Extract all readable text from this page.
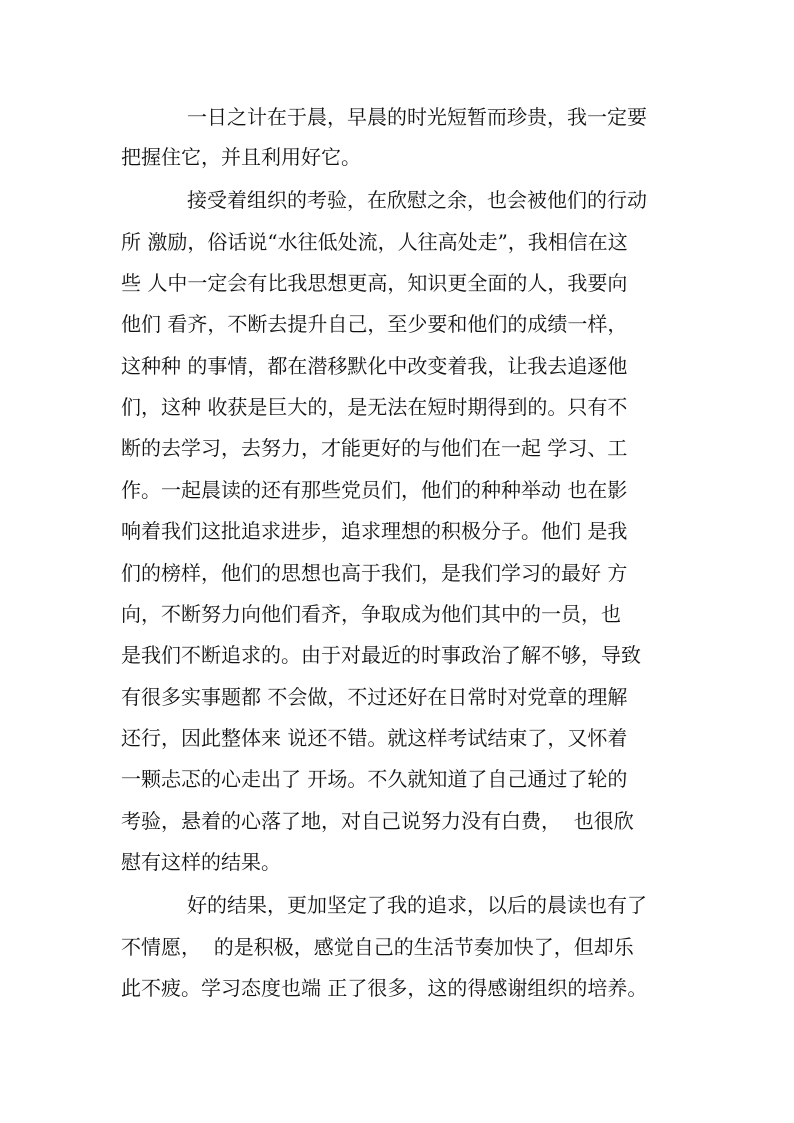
一日之计在于晨，早晨的时光短暂而珍贵，我一定要
把握住它，并且利用好它。
接受着组织的考验，在欣慰之余，也会被他们的行动
所 激励，俗话说“水往低处流，人往高处走”，我相信在这
些 人中一定会有比我思想更高，知识更全面的人，我要向
他们 看齐，不断去提升自己，至少要和他们的成绩一样，
这种种 的事情，都在潜移默化中改变着我，让我去追逐他
们，这种 收获是巨大的，是无法在短时期得到的。只有不
断的去学习，去努力，才能更好的与他们在一起 学习、工
作。一起晨读的还有那些党员们，他们的种种举动 也在影
响着我们这批追求进步，追求理想的积极分子。他们 是我
们的榜样，他们的思想也高于我们，是我们学习的最好 方
向，不断努力向他们看齐，争取成为他们其中的一员，也
是我们不断追求的。由于对最近的时事政治了解不够，导致
有很多实事题都 不会做，不过还好在日常时对党章的理解
还行，因此整体来 说还不错。就这样考试结束了，又怀着
一颗忐忑的心走出了 开场。不久就知道了自己通过了轮的
考验，悬着的心落了地，对自己说努力没有白费，  也很欣
慰有这样的结果。
好的结果，更加坚定了我的追求，以后的晨读也有了
不情愿，  的是积极，感觉自己的生活节奏加快了，但却乐
此不疲。学习态度也端 正了很多，这的得感谢组织的培养。
